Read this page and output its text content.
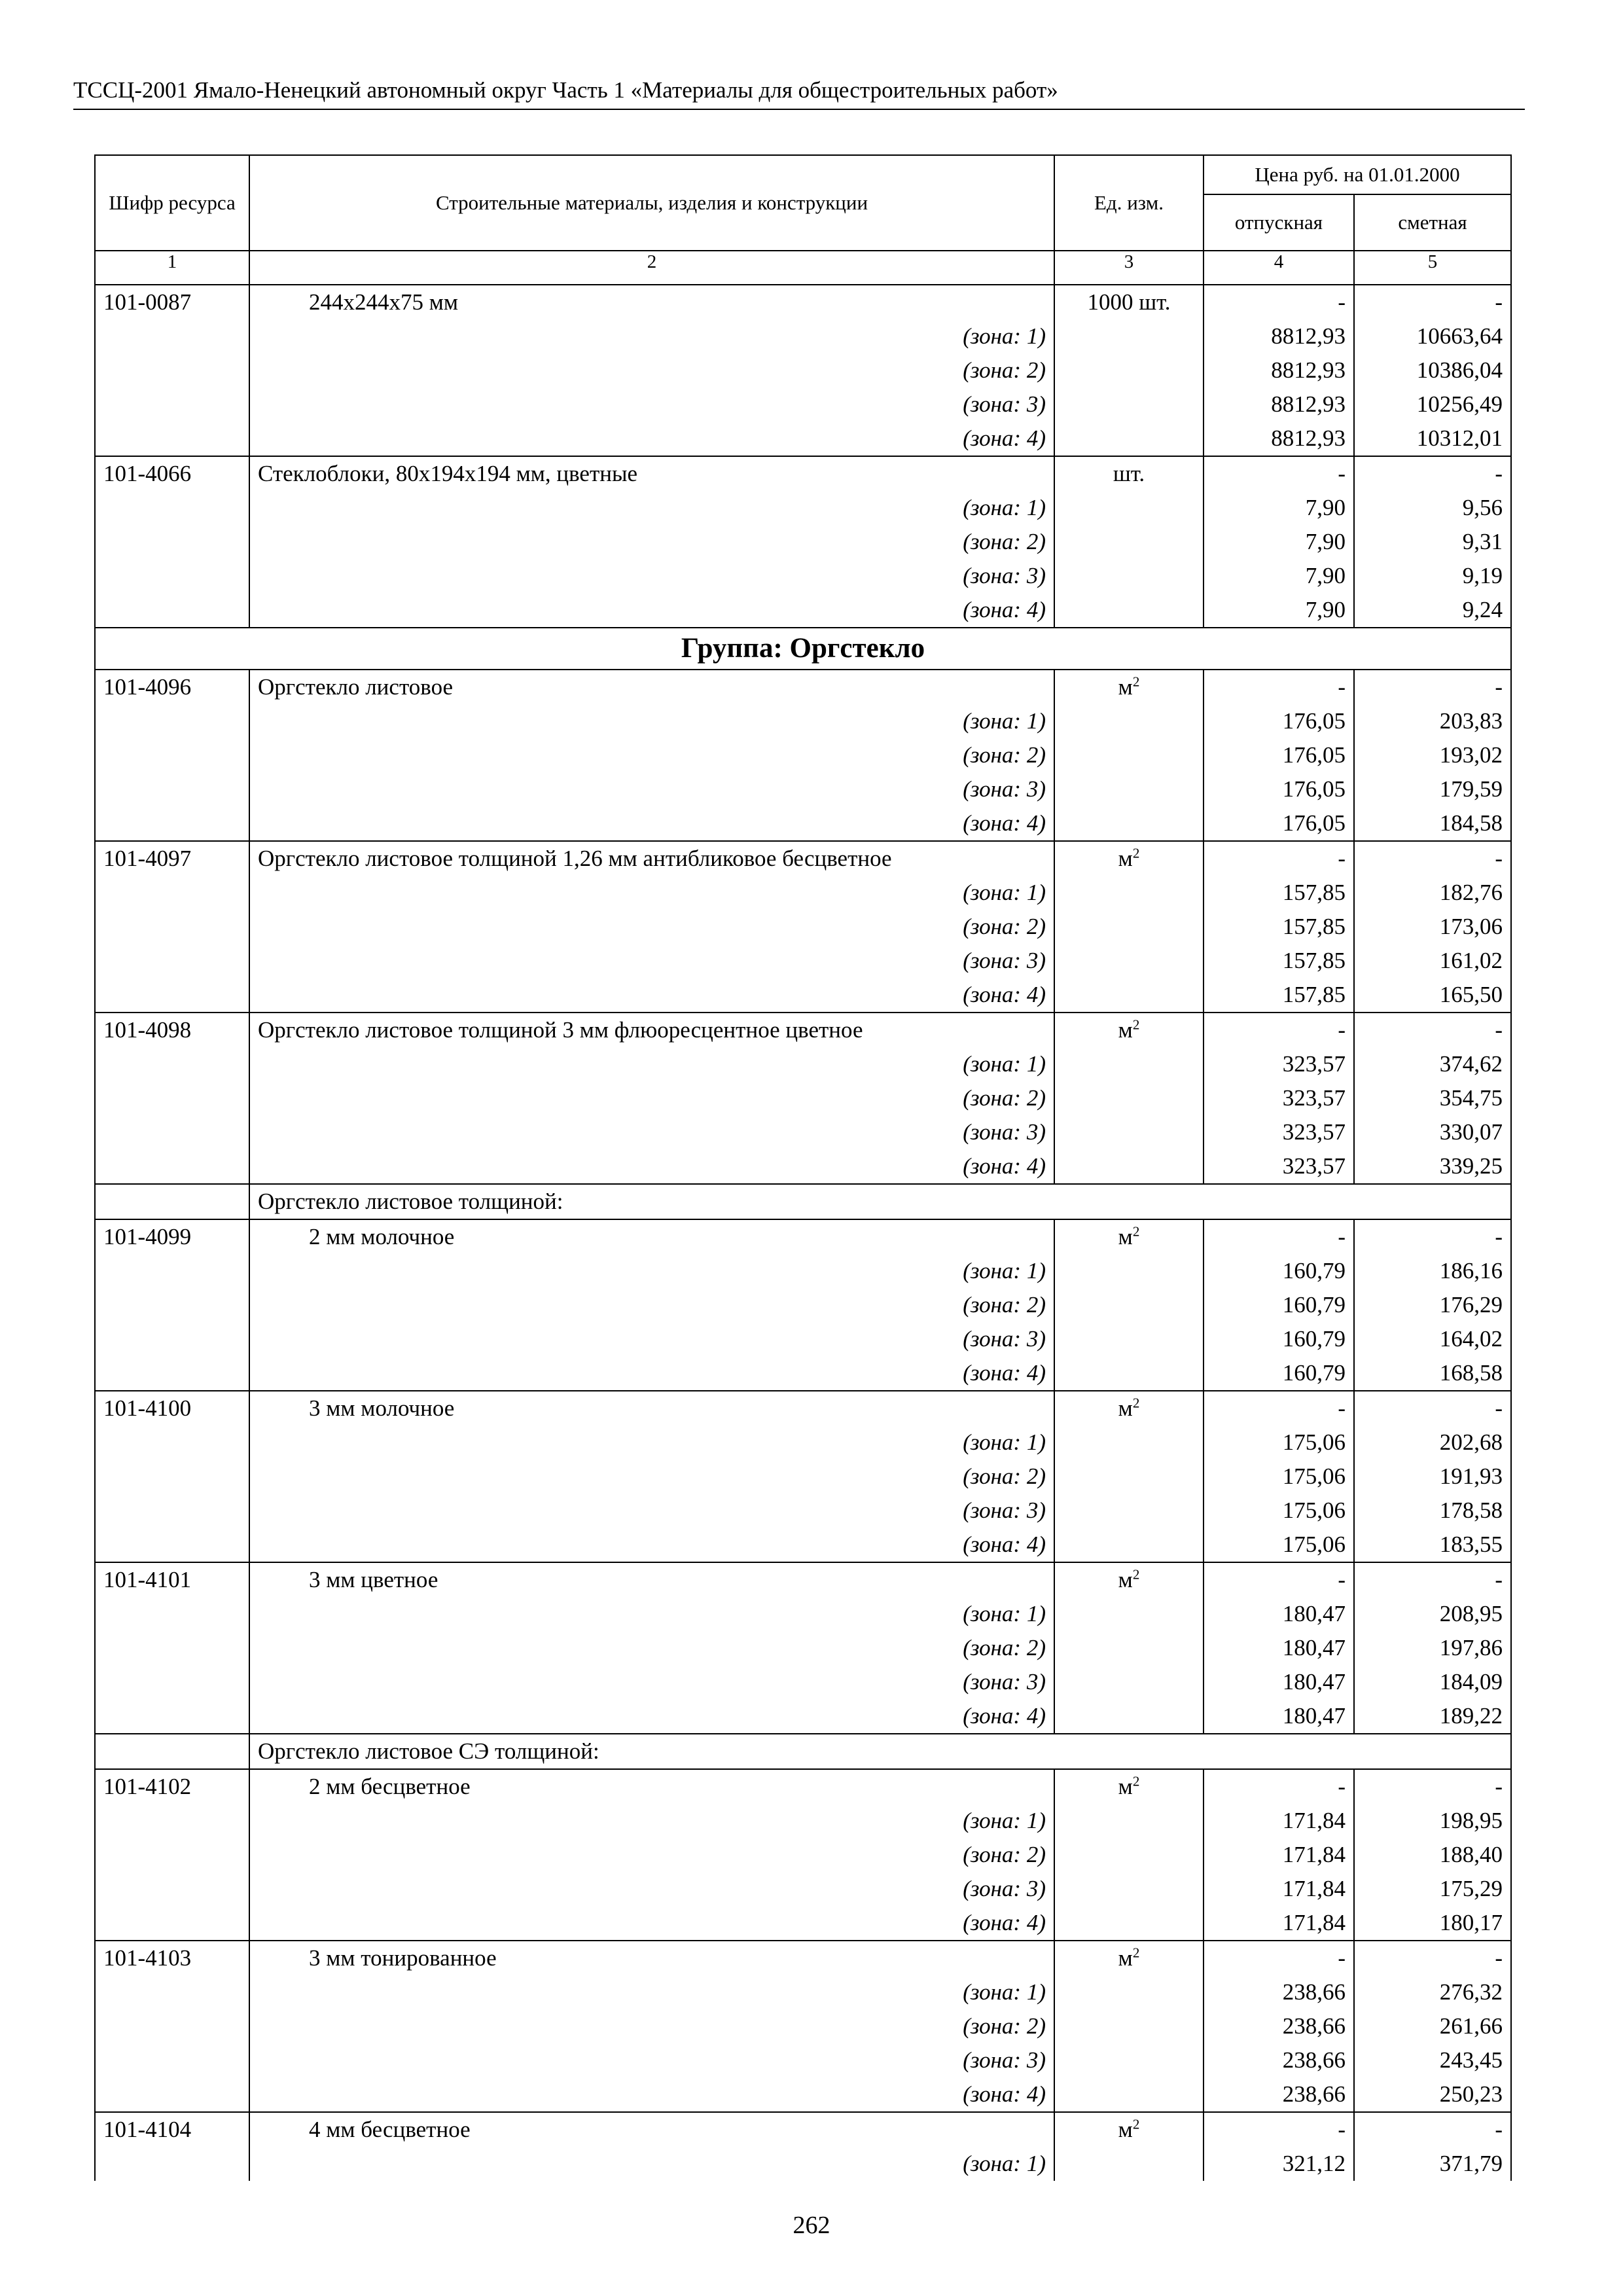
ТССЦ-2001 Ямало-Ненецкий автономный округ Часть 1 «Материалы для общестроительных работ»
Шифр ресурса	Строительные материалы, изделия и конструкции	Ед. изм.	Цена руб. на 01.01.2000	
			отпускная	сметная
1	2	3	4	5
101-0087	244х244х75 мм	1000 шт.	-	-
	(зона: 1)		8812,93	10663,64
	(зона: 2)		8812,93	10386,04
	(зона: 3)		8812,93	10256,49
	(зона: 4)		8812,93	10312,01
101-4066	Стеклоблоки, 80х194х194 мм, цветные	шт.	-	-
	(зона: 1)		7,90	9,56
	(зона: 2)		7,90	9,31
	(зона: 3)		7,90	9,19
	(зона: 4)		7,90	9,24
Группа: Оргстекло				
101-4096	Оргстекло листовое	$м^2$	-	-
	(зона: 1)		176,05	203,83
	(зона: 2)		176,05	193,02
	(зона: 3)		176,05	179,59
	(зона: 4)		176,05	184,58
101-4097	Оргстекло листовое толщиной 1,26 мм антибликовое бесцветное	$м^2$	-	-
	(зона: 1)		157,85	182,76
	(зона: 2)		157,85	173,06
	(зона: 3)		157,85	161,02
	(зона: 4)		157,85	165,50
101-4098	Оргстекло листовое толщиной 3 мм флюоресцентное цветное	$м^2$	-	-
	(зона: 1)		323,57	374,62
	(зона: 2)		323,57	354,75
	(зона: 3)		323,57	330,07
	(зона: 4)		323,57	339,25
	Оргстекло листовое толщиной:			
101-4099	2 мм молочное	$м^2$	-	-
	(зона: 1)		160,79	186,16
	(зона: 2)		160,79	176,29
	(зона: 3)		160,79	164,02
	(зона: 4)		160,79	168,58
101-4100	3 мм молочное	$м^2$	-	-
	(зона: 1)		175,06	202,68
	(зона: 2)		175,06	191,93
	(зона: 3)		175,06	178,58
	(зона: 4)		175,06	183,55
101-4101	3 мм цветное	$м^2$	-	-
	(зона: 1)		180,47	208,95
	(зона: 2)		180,47	197,86
	(зона: 3)		180,47	184,09
	(зона: 4)		180,47	189,22
	Оргстекло листовое СЭ толщиной:			
101-4102	2 мм бесцветное	$м^2$	-	-
	(зона: 1)		171,84	198,95
	(зона: 2)		171,84	188,40
	(зона: 3)		171,84	175,29
	(зона: 4)		171,84	180,17
101-4103	3 мм тонированное	$м^2$	-	-
	(зона: 1)		238,66	276,32
	(зона: 2)		238,66	261,66
	(зона: 3)		238,66	243,45
	(зона: 4)		238,66	250,23
101-4104	4 мм бесцветное	$м^2$	-	-
	(зона: 1)		321,12	371,79
262
